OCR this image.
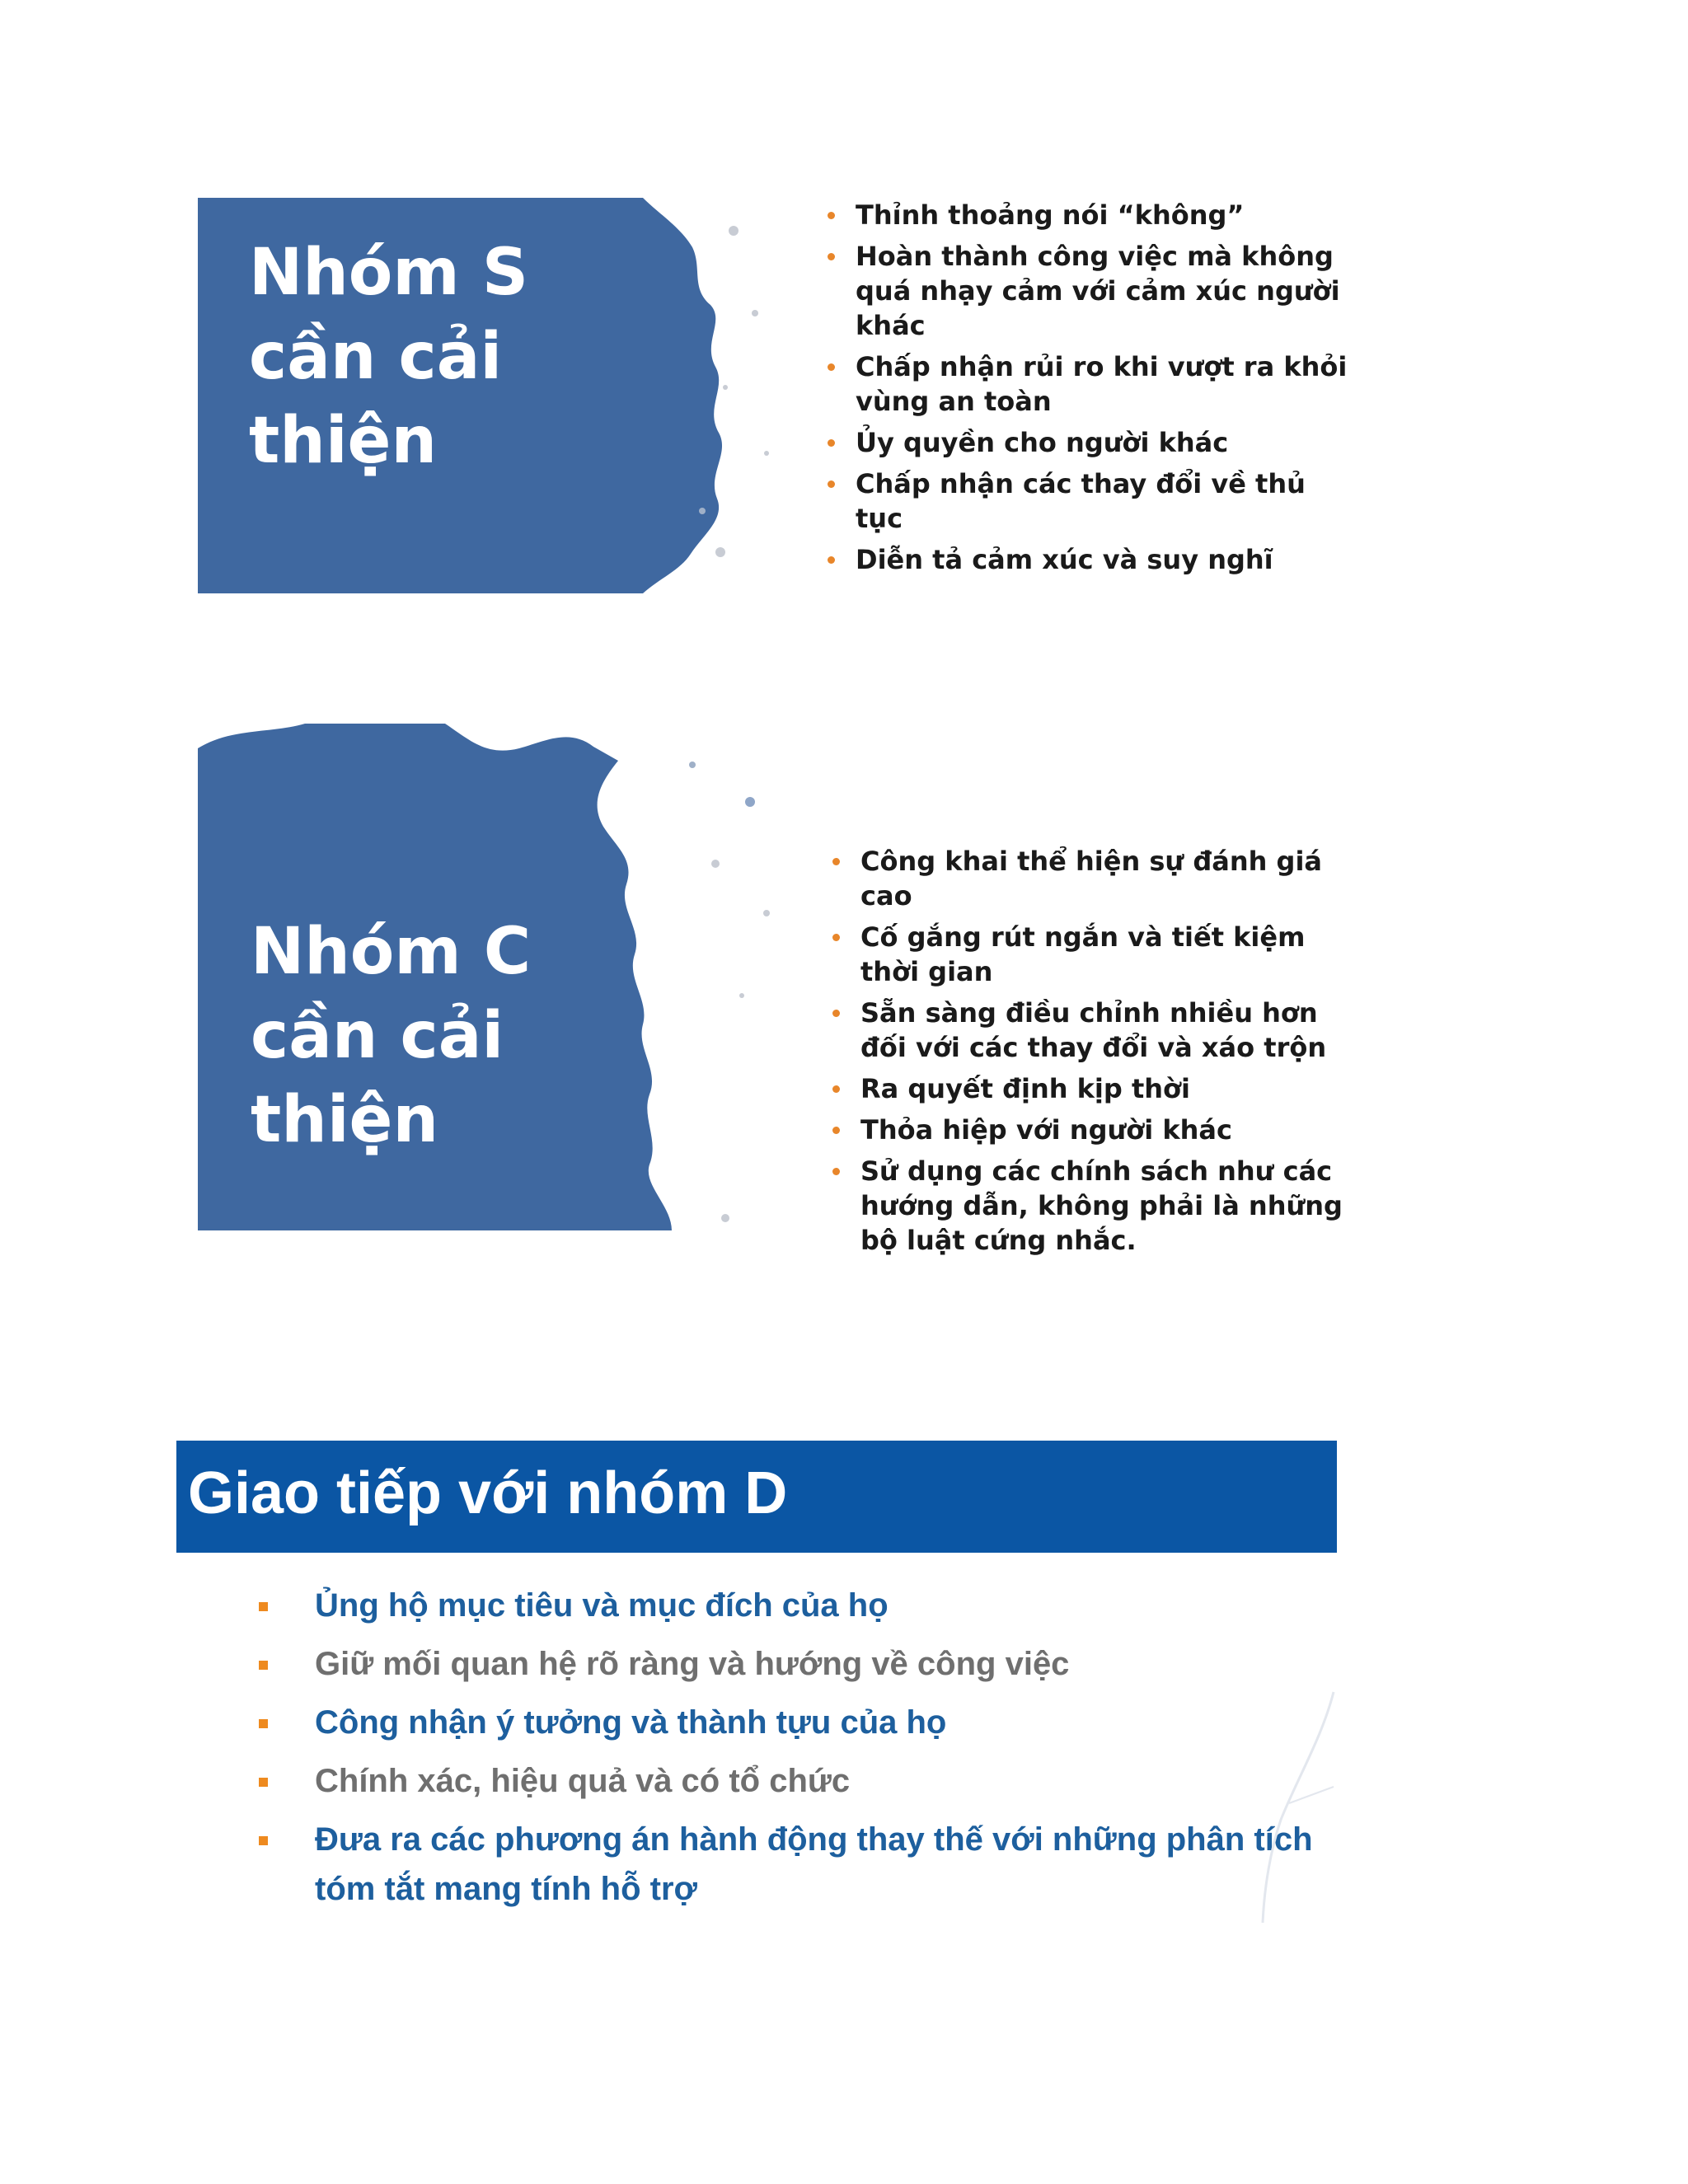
Nhóm S
cần cải
thiện
Thỉnh thoảng nói “không”
Hoàn thành công việc mà không quá nhạy cảm với cảm xúc người khác
Chấp nhận rủi ro khi vượt ra khỏi vùng an toàn
Ủy quyền cho người khác
Chấp nhận các thay đổi về thủ tục
Diễn tả cảm xúc và suy nghĩ
Nhóm C
cần cải
thiện
Công khai thể hiện sự đánh giá cao
Cố gắng rút ngắn và tiết kiệm thời gian
Sẵn sàng điều chỉnh nhiều hơn đối với các thay đổi và xáo trộn
Ra quyết định kịp thời
Thỏa hiệp với người khác
Sử dụng các chính sách như các hướng dẫn, không phải là những bộ luật cứng nhắc.
Giao tiếp với nhóm D
Ủng hộ mục tiêu và mục đích của họ
Giữ mối quan hệ rõ ràng và hướng về công việc
Công nhận ý tưởng và thành tựu của họ
Chính xác, hiệu quả và có tổ chức
Đưa ra các phương án hành động thay thế với những phân tích tóm tắt mang tính hỗ trợ
